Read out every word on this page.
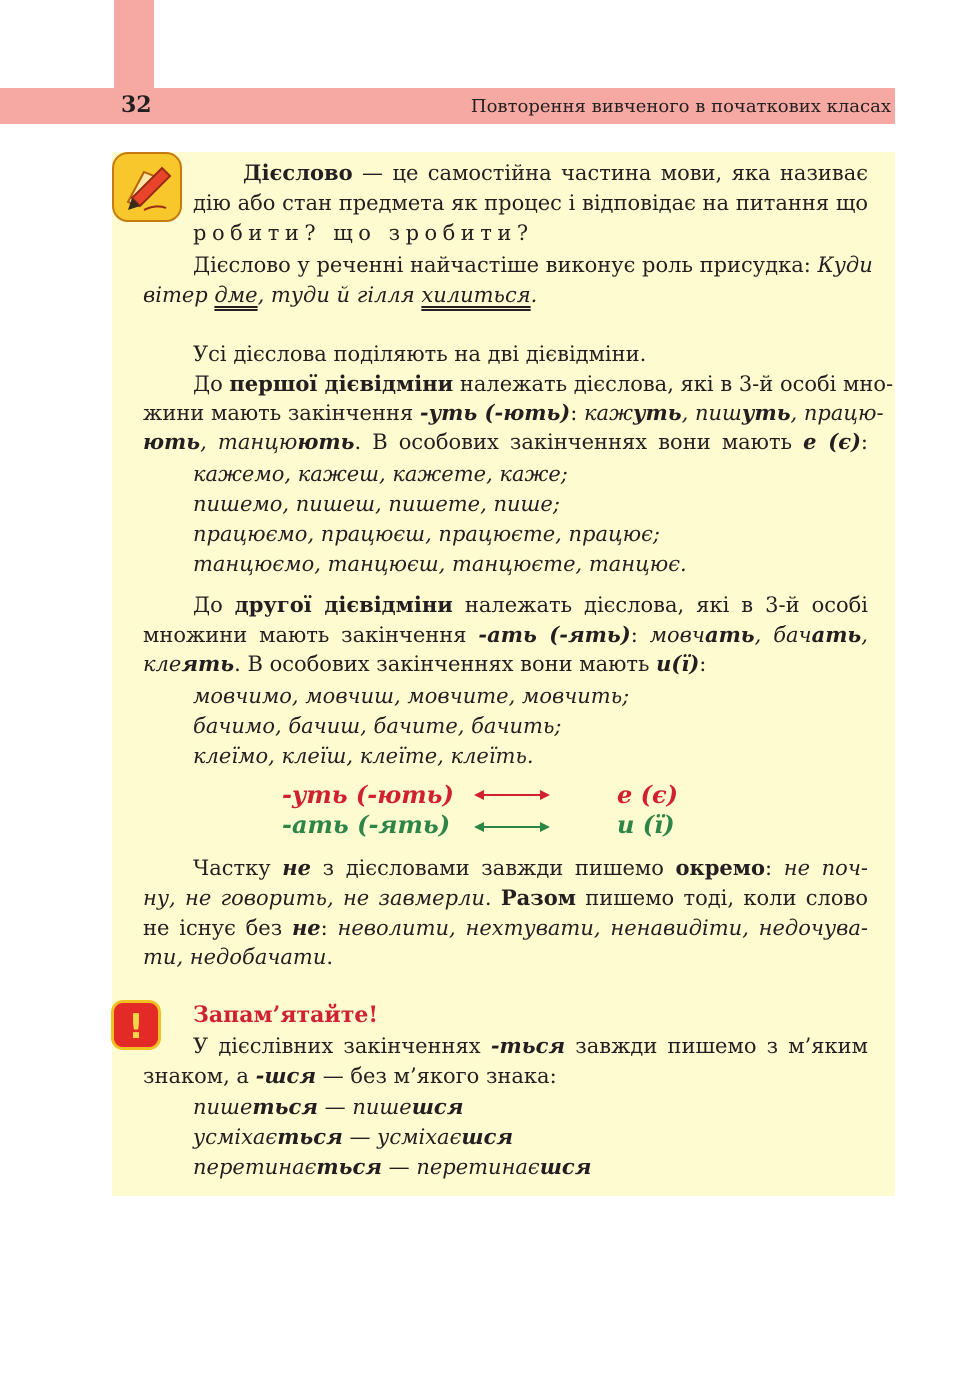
32	Повторення вивченого в початкових класах
Дієслово — це самостійна частина мови, яка називає
дію або стан предмета як процес і відповідає на питання що
робити? що зробити?
Дієслово у реченні найчастіше виконує роль присудка: Куди
вітер дме, туди й гілля хилиться.
Усі дієслова поділяють на дві дієвідміни.
До першої дієвідміни належать дієслова, які в 3-й особі мно-
жини мають закінчення -уть (-ють): кажуть, пишуть, працю-
ють, танцюють. В особових закінченнях вони мають е (є):
кажемо, кажеш, кажете, каже;
пишемо, пишеш, пишете, пише;
працюємо, працюєш, працюєте, працює;
танцюємо, танцюєш, танцюєте, танцює.
До другої дієвідміни належать дієслова, які в 3-й особі
множини мають закінчення -ать (-ять): мовчать, бачать,
клеять. В особових закінченнях вони мають и(ї):
мовчимо, мовчиш, мовчите, мовчить;
бачимо, бачиш, бачите, бачить;
клеїмо, клеїш, клеїте, клеїть.
-уть (-ють)	е (є)
-ать (-ять)	и (ї)
Частку не з дієсловами завжди пишемо окремо: не поч-
ну, не говорить, не завмерли. Разом пишемо тоді, коли слово
не існує без не: неволити, нехтувати, ненавидіти, недочува-
ти, недобачати.
!	Запам’ятайте!
У дієслівних закінченнях -ться завжди пишемо з м’яким
знаком, а -шся — без м’якого знака:
пишеться — пишешся
усміхається — усміхаєшся
перетинається — перетинаєшся
